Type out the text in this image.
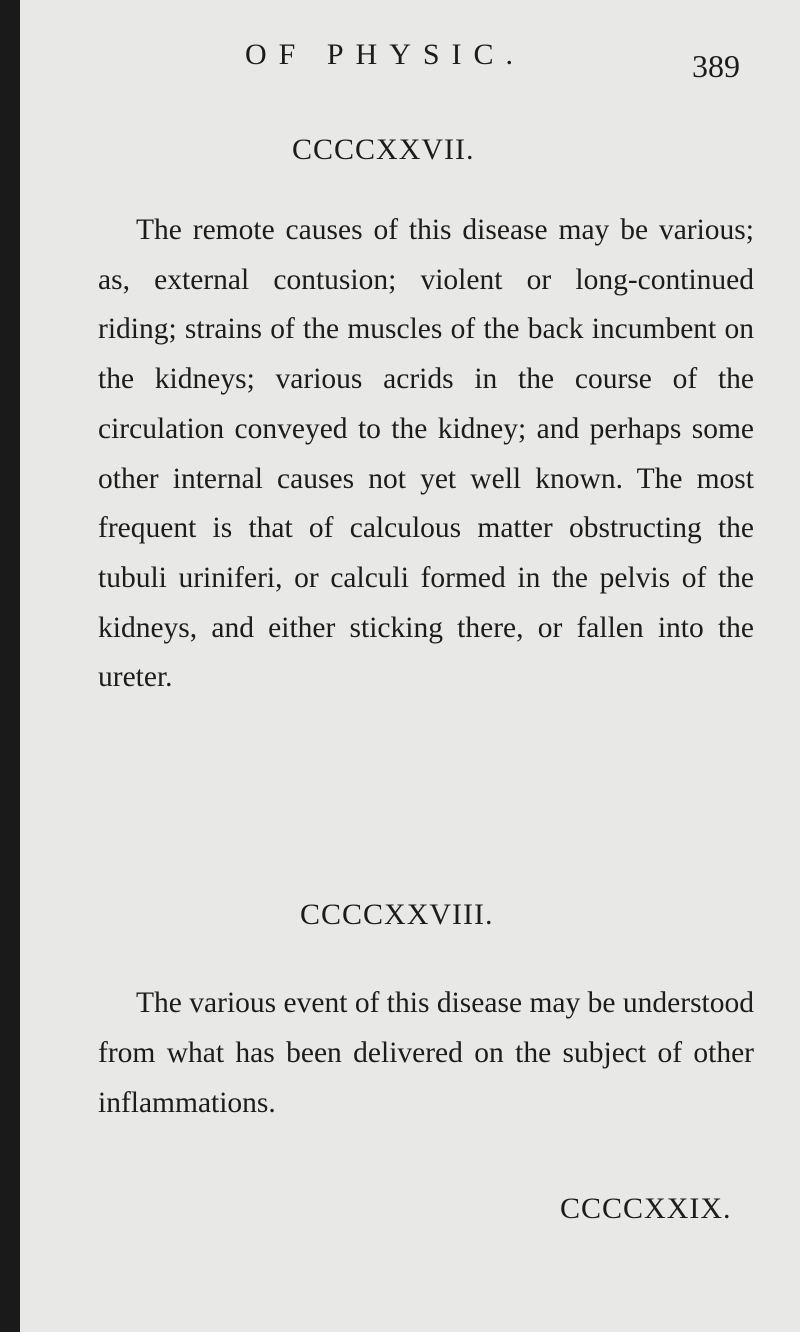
OF PHYSIC.	389
CCCCXXVII.

The remote causes of this disease may be various; as, external contusion; violent or long-continued riding; strains of the muscles of the back incumbent on the kidneys; various acrids in the course of the circulation conveyed to the kidney; and perhaps some other internal causes not yet well known. The most frequent is that of calculous matter obstructing the tubuli uriniferi, or calculi formed in the pelvis of the kidneys, and either sticking there, or fallen into the ureter.

CCCCXXVIII.

The various event of this disease may be understood from what has been delivered on the subject of other inflammations.

CCCCXXIX.
